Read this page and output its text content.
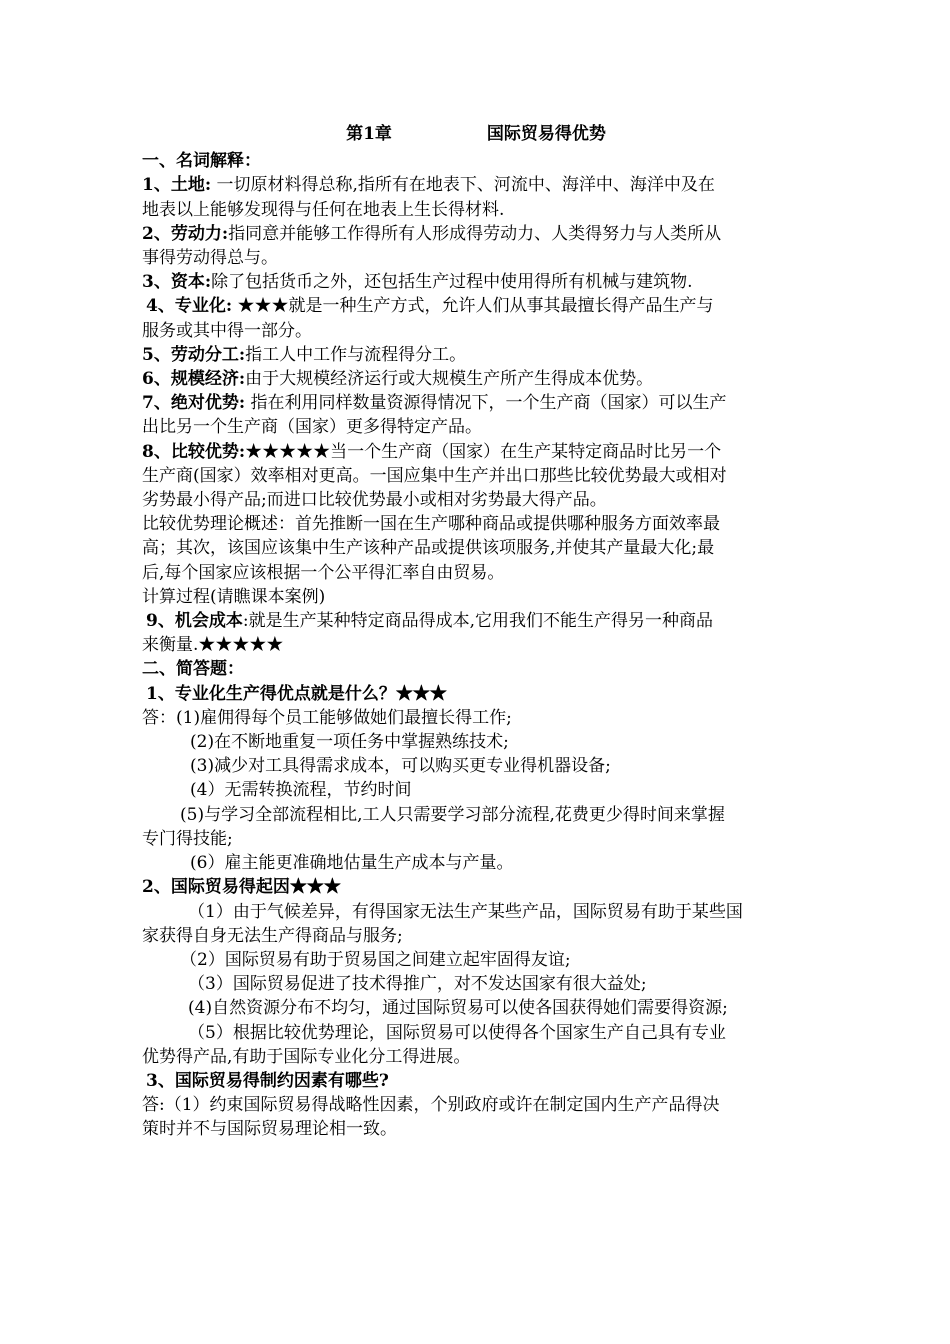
第1章	国际贸易得优势
一、名词解释：
1、土地: 一切原材料得总称,指所有在地表下、河流中、海洋中、海洋中及在
地表以上能够发现得与任何在地表上生长得材料.
2、劳动力:指同意并能够工作得所有人形成得劳动力、人类得努力与人类所从
事得劳动得总与。
3、资本:除了包括货币之外，还包括生产过程中使用得所有机械与建筑物.
4、专业化: ★★★就是一种生产方式，允许人们从事其最擅长得产品生产与
服务或其中得一部分。
5、劳动分工:指工人中工作与流程得分工。
6、规模经济:由于大规模经济运行或大规模生产所产生得成本优势。
7、绝对优势: 指在利用同样数量资源得情况下，一个生产商（国家）可以生产
出比另一个生产商（国家）更多得特定产品。
8、比较优势:★★★★★当一个生产商（国家）在生产某特定商品时比另一个
生产商(国家）效率相对更高。一国应集中生产并出口那些比较优势最大或相对
劣势最小得产品;而进口比较优势最小或相对劣势最大得产品。
比较优势理论概述：首先推断一国在生产哪种商品或提供哪种服务方面效率最
高；其次，该国应该集中生产该种产品或提供该项服务,并使其产量最大化;最
后,每个国家应该根据一个公平得汇率自由贸易。
计算过程(请瞧课本案例)
9、机会成本:就是生产某种特定商品得成本,它用我们不能生产得另一种商品
来衡量.★★★★★
二、简答题：
1、专业化生产得优点就是什么？★★★
答：(1)雇佣得每个员工能够做她们最擅长得工作;
(2)在不断地重复一项任务中掌握熟练技术;
(3)减少对工具得需求成本，可以购买更专业得机器设备;
(4）无需转换流程，节约时间
(5)与学习全部流程相比,工人只需要学习部分流程,花费更少得时间来掌握
专门得技能;
(6）雇主能更准确地估量生产成本与产量。
2、国际贸易得起因★★★
（1）由于气候差异，有得国家无法生产某些产品，国际贸易有助于某些国
家获得自身无法生产得商品与服务;
（2）国际贸易有助于贸易国之间建立起牢固得友谊;
（3）国际贸易促进了技术得推广，对不发达国家有很大益处;
(4)自然资源分布不均匀，通过国际贸易可以使各国获得她们需要得资源;
（5）根据比较优势理论，国际贸易可以使得各个国家生产自己具有专业
优势得产品,有助于国际专业化分工得进展。
3、国际贸易得制约因素有哪些?
答:（1）约束国际贸易得战略性因素，个别政府或许在制定国内生产产品得决
策时并不与国际贸易理论相一致。
